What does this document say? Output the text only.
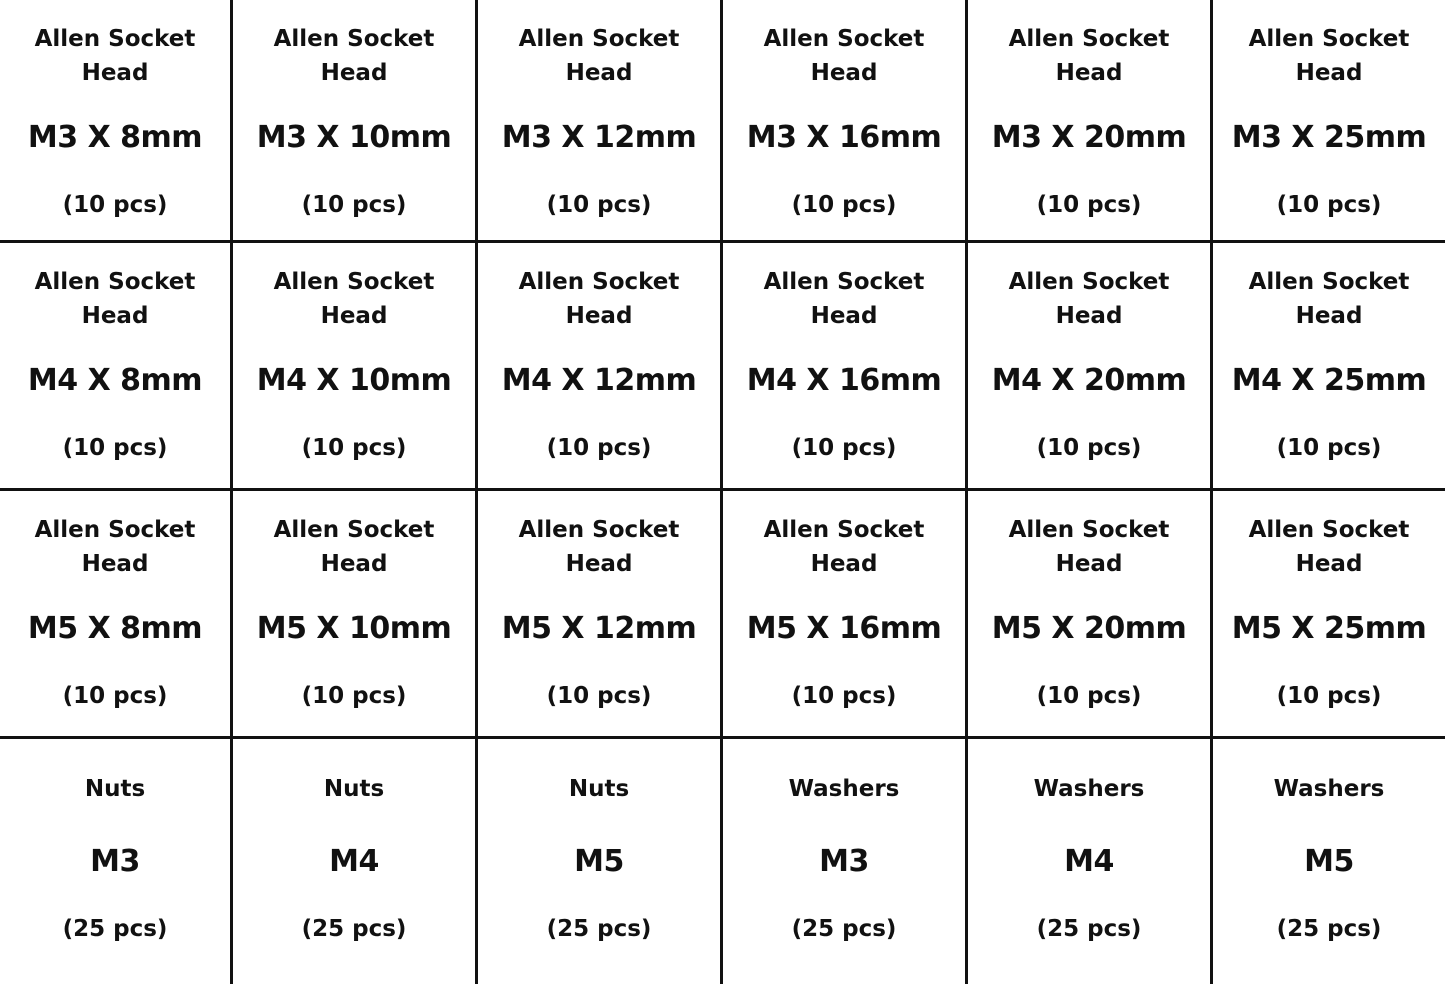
Allen Socket
Head
M3 X 8mm
(10 pcs)
Allen Socket
Head
M3 X 10mm
(10 pcs)
Allen Socket
Head
M3 X 12mm
(10 pcs)
Allen Socket
Head
M3 X 16mm
(10 pcs)
Allen Socket
Head
M3 X 20mm
(10 pcs)
Allen Socket
Head
M3 X 25mm
(10 pcs)
Allen Socket
Head
M4 X 8mm
(10 pcs)
Allen Socket
Head
M4 X 10mm
(10 pcs)
Allen Socket
Head
M4 X 12mm
(10 pcs)
Allen Socket
Head
M4 X 16mm
(10 pcs)
Allen Socket
Head
M4 X 20mm
(10 pcs)
Allen Socket
Head
M4 X 25mm
(10 pcs)
Allen Socket
Head
M5 X 8mm
(10 pcs)
Allen Socket
Head
M5 X 10mm
(10 pcs)
Allen Socket
Head
M5 X 12mm
(10 pcs)
Allen Socket
Head
M5 X 16mm
(10 pcs)
Allen Socket
Head
M5 X 20mm
(10 pcs)
Allen Socket
Head
M5 X 25mm
(10 pcs)
Nuts
M3
(25 pcs)
Nuts
M4
(25 pcs)
Nuts
M5
(25 pcs)
Washers
M3
(25 pcs)
Washers
M4
(25 pcs)
Washers
M5
(25 pcs)
